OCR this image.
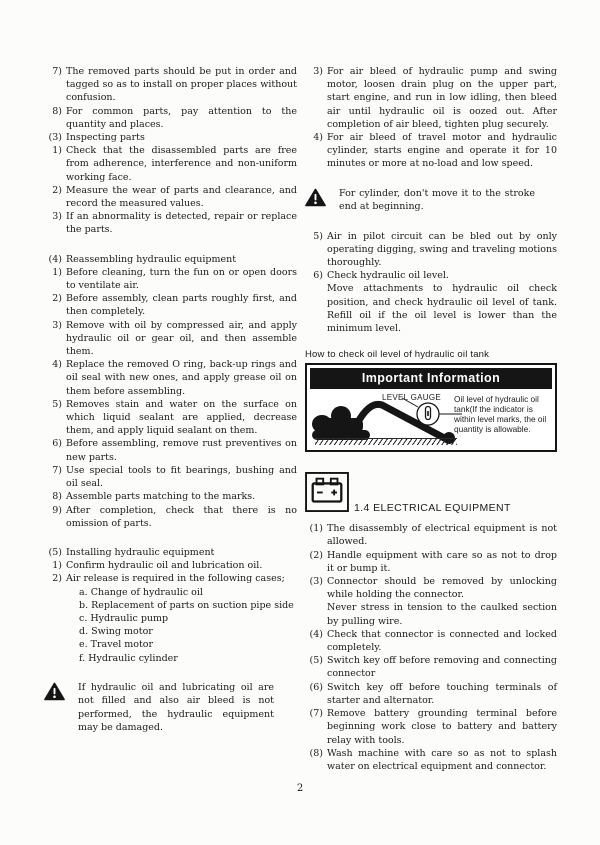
7) The removed parts should be put in order and tagged so as to install on proper places without confusion.
8) For common parts, pay attention to the quantity and places.
(3) Inspecting parts
1) Check that the disassembled parts are free from adherence, interference and non-uniform working face.
2) Measure the wear of parts and clearance, and record the measured values.
3) If an abnormality is detected, repair or replace the parts.
(4) Reassembling hydraulic equipment
1) Before cleaning, turn the fun on or open doors to ventilate air.
2) Before assembly, clean parts roughly first, and then completely.
3) Remove with oil by compressed air, and apply hydraulic oil or gear oil, and then assemble them.
4) Replace the removed O ring, back-up rings and oil seal with new ones, and apply grease oil on them before assembling.
5) Removes stain and water on the surface on which liquid sealant are applied, decrease them, and apply liquid sealant on them.
6) Before assembling, remove rust preventives on new parts.
7) Use special tools to fit bearings, bushing and oil seal.
8) Assemble parts matching to the marks.
9) After completion, check that there is no omission of parts.
(5) Installing hydraulic equipment
1) Confirm hydraulic oil and lubrication oil.
2) Air release is required in the following cases;
a. Change of hydraulic oil
b. Replacement of parts on suction pipe side
c. Hydraulic pump
d. Swing motor
e. Travel motor
f. Hydraulic cylinder
If hydraulic oil and lubricating oil are not filled and also air bleed is not performed, the hydraulic equipment may be damaged.
3) For air bleed of hydraulic pump and swing motor, loosen drain plug on the upper part, start engine, and run in low idling, then bleed air until hydraulic oil is oozed out. After completion of air bleed, tighten plug securely.
4) For air bleed of travel motor and hydraulic cylinder, starts engine and operate it for 10 minutes or more at no-load and low speed.
For cylinder, don't move it to the stroke end at beginning.
5) Air in pilot circuit can be bled out by only operating digging, swing and traveling motions thoroughly.
6) Check hydraulic oil level.
Move attachments to hydraulic oil check position, and check hydraulic oil level of tank. Refill oil if the oil level is lower than the minimum level.
How to check oil level of hydraulic oil tank
Important Information
LEVEL GAUGE Oil level of hydraulic oil tank(If the indicator is within level marks, the oil quantity is allowable.
1.4 ELECTRICAL EQUIPMENT
(1) The disassembly of electrical equipment is not allowed.
(2) Handle equipment with care so as not to drop it or bump it.
(3) Connector should be removed by unlocking while holding the connector.
Never stress in tension to the caulked section by pulling wire.
(4) Check that connector is connected and locked completely.
(5) Switch key off before removing and connecting connector
(6) Switch key off before touching terminals of starter and alternator.
(7) Remove battery grounding terminal before beginning work close to battery and battery relay with tools.
(8) Wash machine with care so as not to splash water on electrical equipment and connector.
2
